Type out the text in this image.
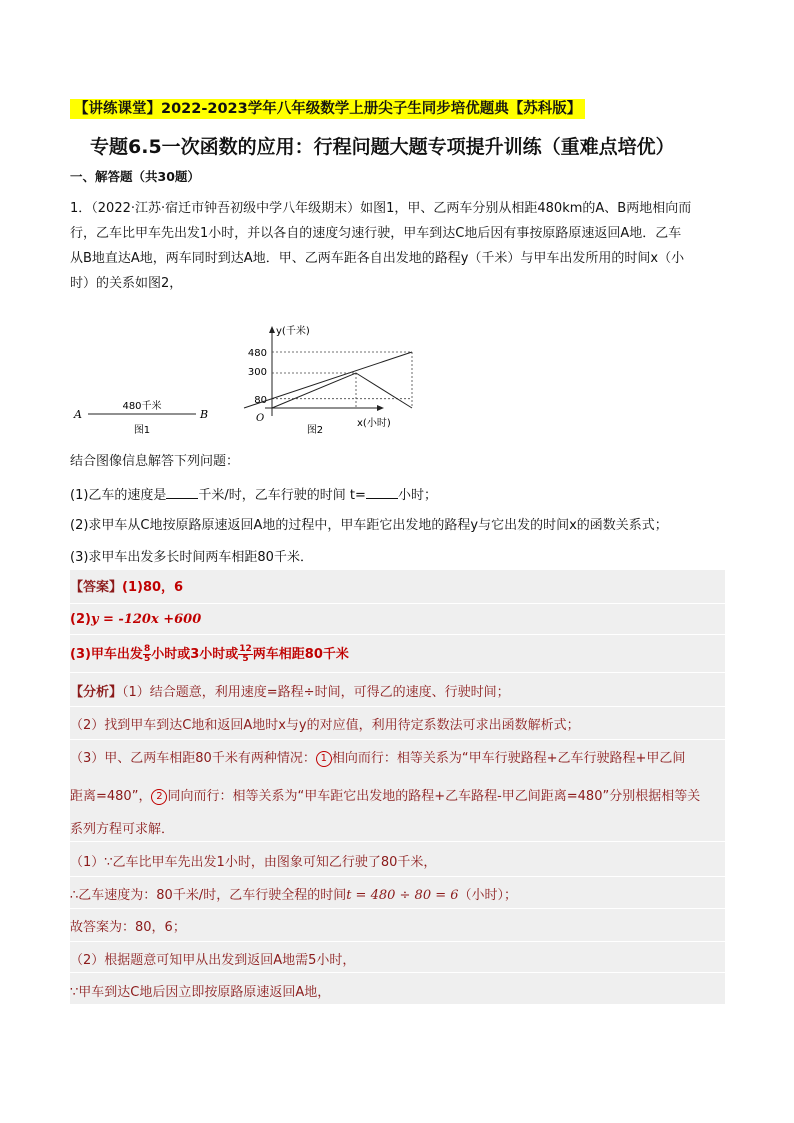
【讲练课堂】2022-2023学年八年级数学上册尖子生同步培优题典【苏科版】
专题6.5一次函数的应用：行程问题大题专项提升训练（重难点培优）
一、解答题（共30题）
1．（2022·江苏·宿迁市钟吾初级中学八年级期末）如图1，甲、乙两车分别从相距480km的A、B两地相向而
行，乙车比甲车先出发1小时，并以各自的速度匀速行驶，甲车到达C地后因有事按原路原速返回A地．乙车
从B地直达A地，两车同时到达A地．甲、乙两车距各自出发地的路程y（千米）与甲车出发所用的时间x（小
时）的关系如图2，
A	B
480千米
图1
y(千米)
x(小时)
O
480
300
80
图2
结合图像信息解答下列问题：
(1)乙车的速度是 千米/时，乙车行驶的时间 t= 小时；
(2)求甲车从C地按原路原速返回A地的过程中，甲车距它出发地的路程y与它出发的时间x的函数关系式；
(3)求甲车出发多长时间两车相距80千米．
【答案】(1)80，6
(2)y = -120x +600
(3)甲车出发 $\frac{8}{5}$ 小时或3小时或 $\frac{12}{5}$ 两车相距80千米
【分析】（1）结合题意，利用速度=路程÷时间，可得乙的速度、行驶时间；
（2）找到甲车到达C地和返回A地时x与y的对应值，利用待定系数法可求出函数解析式；
（3）甲、乙两车相距80千米有两种情况： 1 相向而行：相等关系为“甲车行驶路程+乙车行驶路程+甲乙间
距离=480”， 2 同向而行：相等关系为“甲车距它出发地的路程+乙车路程-甲乙间距离=480”分别根据相等关
系列方程可求解．
（1）∵乙车比甲车先出发1小时，由图象可知乙行驶了80千米，
∴乙车速度为：80千米/时，乙车行驶全程的时间t = 480 ÷ 80 = 6（小时）；
故答案为：80，6；
（2）根据题意可知甲从出发到返回A地需5小时，
∵甲车到达C地后因立即按原路原速返回A地，
